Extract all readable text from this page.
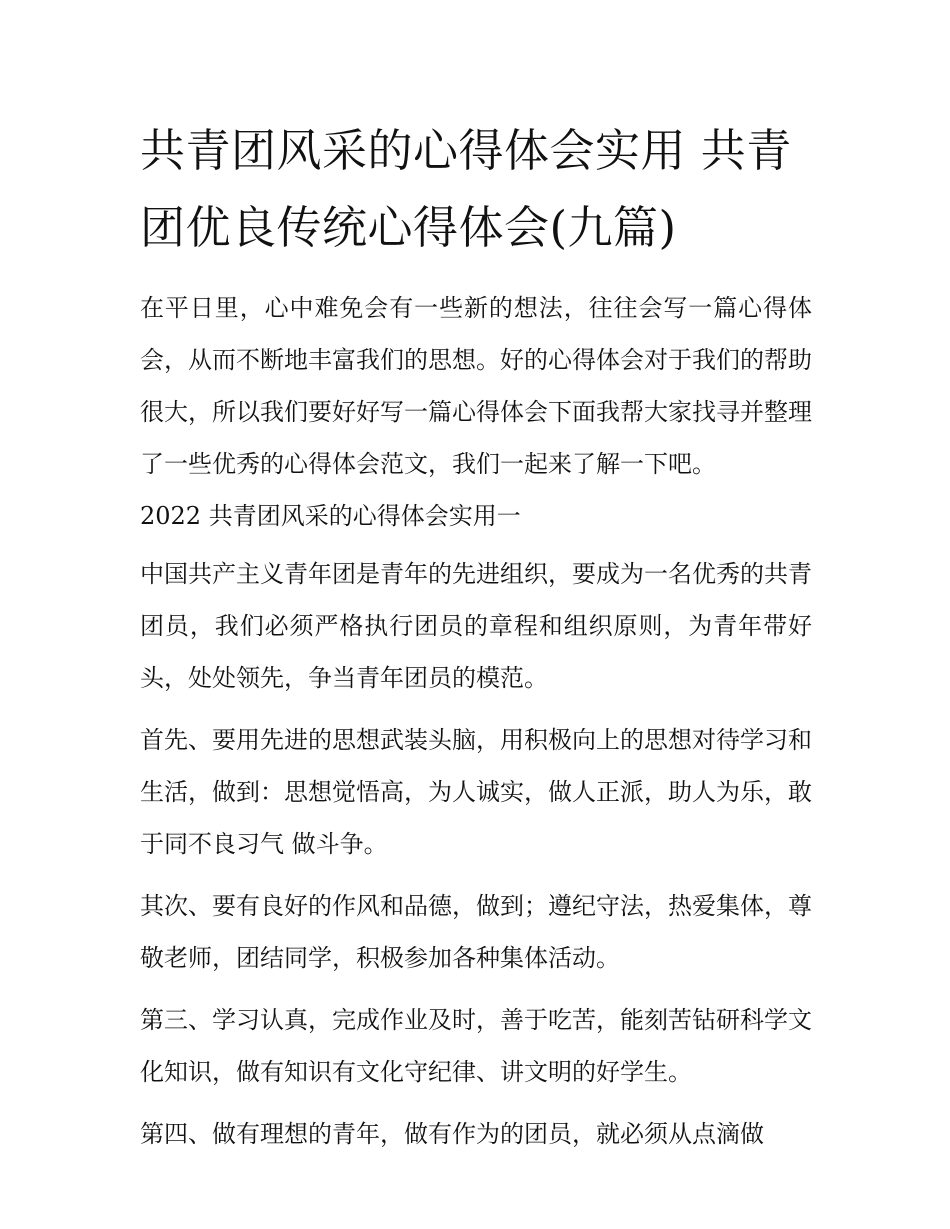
共青团风采的心得体会实用 共青团优良传统心得体会(九篇)

在平日里，心中难免会有一些新的想法，往往会写一篇心得体会，从而不断地丰富我们的思想。好的心得体会对于我们的帮助很大，所以我们要好好写一篇心得体会下面我帮大家找寻并整理了一些优秀的心得体会范文，我们一起来了解一下吧。

2022 共青团风采的心得体会实用一

中国共产主义青年团是青年的先进组织，要成为一名优秀的共青团员，我们必须严格执行团员的章程和组织原则，为青年带好头，处处领先，争当青年团员的模范。

首先、要用先进的思想武装头脑，用积极向上的思想对待学习和生活，做到：思想觉悟高，为人诚实，做人正派，助人为乐，敢于同不良习气 做斗争。

其次、要有良好的作风和品德，做到；遵纪守法，热爱集体，尊敬老师，团结同学，积极参加各种集体活动。

第三、学习认真，完成作业及时，善于吃苦，能刻苦钻研科学文化知识，做有知识有文化守纪律、讲文明的好学生。

第四、做有理想的青年，做有作为的团员，就必须从点滴做
